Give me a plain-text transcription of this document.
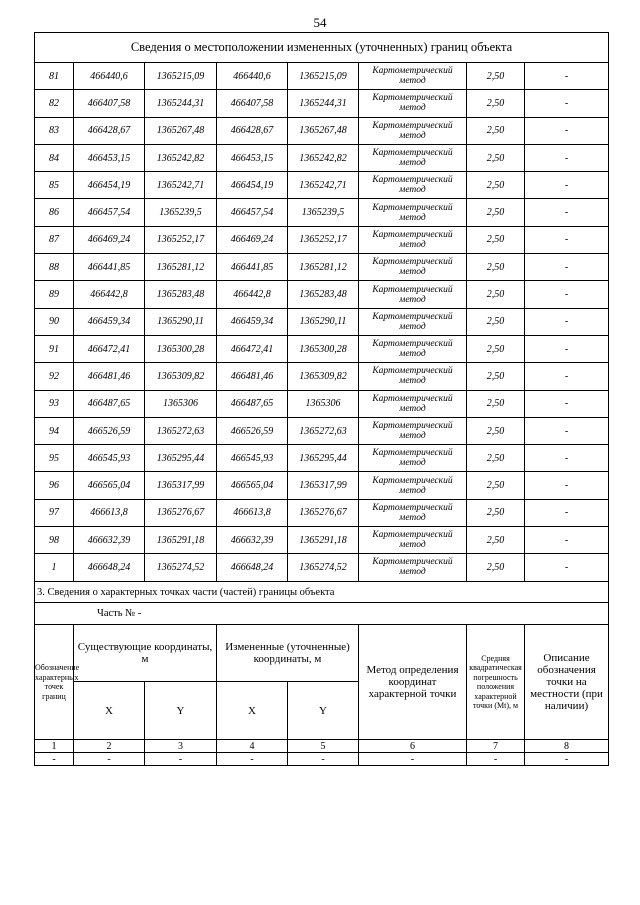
54
Сведения о местоположении измененных (уточненных) границ объекта							
81	466440,6	1365215,09	466440,6	1365215,09	Картометрический метод	2,50	-
82	466407,58	1365244,31	466407,58	1365244,31	Картометрический метод	2,50	-
83	466428,67	1365267,48	466428,67	1365267,48	Картометрический метод	2,50	-
84	466453,15	1365242,82	466453,15	1365242,82	Картометрический метод	2,50	-
85	466454,19	1365242,71	466454,19	1365242,71	Картометрический метод	2,50	-
86	466457,54	1365239,5	466457,54	1365239,5	Картометрический метод	2,50	-
87	466469,24	1365252,17	466469,24	1365252,17	Картометрический метод	2,50	-
88	466441,85	1365281,12	466441,85	1365281,12	Картометрический метод	2,50	-
89	466442,8	1365283,48	466442,8	1365283,48	Картометрический метод	2,50	-
90	466459,34	1365290,11	466459,34	1365290,11	Картометрический метод	2,50	-
91	466472,41	1365300,28	466472,41	1365300,28	Картометрический метод	2,50	-
92	466481,46	1365309,82	466481,46	1365309,82	Картометрический метод	2,50	-
93	466487,65	1365306	466487,65	1365306	Картометрический метод	2,50	-
94	466526,59	1365272,63	466526,59	1365272,63	Картометрический метод	2,50	-
95	466545,93	1365295,44	466545,93	1365295,44	Картометрический метод	2,50	-
96	466565,04	1365317,99	466565,04	1365317,99	Картометрический метод	2,50	-
97	466613,8	1365276,67	466613,8	1365276,67	Картометрический метод	2,50	-
98	466632,39	1365291,18	466632,39	1365291,18	Картометрический метод	2,50	-
1	466648,24	1365274,52	466648,24	1365274,52	Картометрический метод	2,50	-
3. Сведения о характерных точках части (частей) границы объекта							
Часть № -							
Обозначение характерных точек границ	Существующие координаты, м		Измененные (уточненные) координаты, м		Метод определения координат характерной точки	Средняя квадратическая погрешность положения характерной точки (Mt), м	Описание обозначения точки на местности (при наличии)
	X	Y	X	Y			
1	2	3	4	5	6	7	8
-	-	-	-	-	-	-	-
